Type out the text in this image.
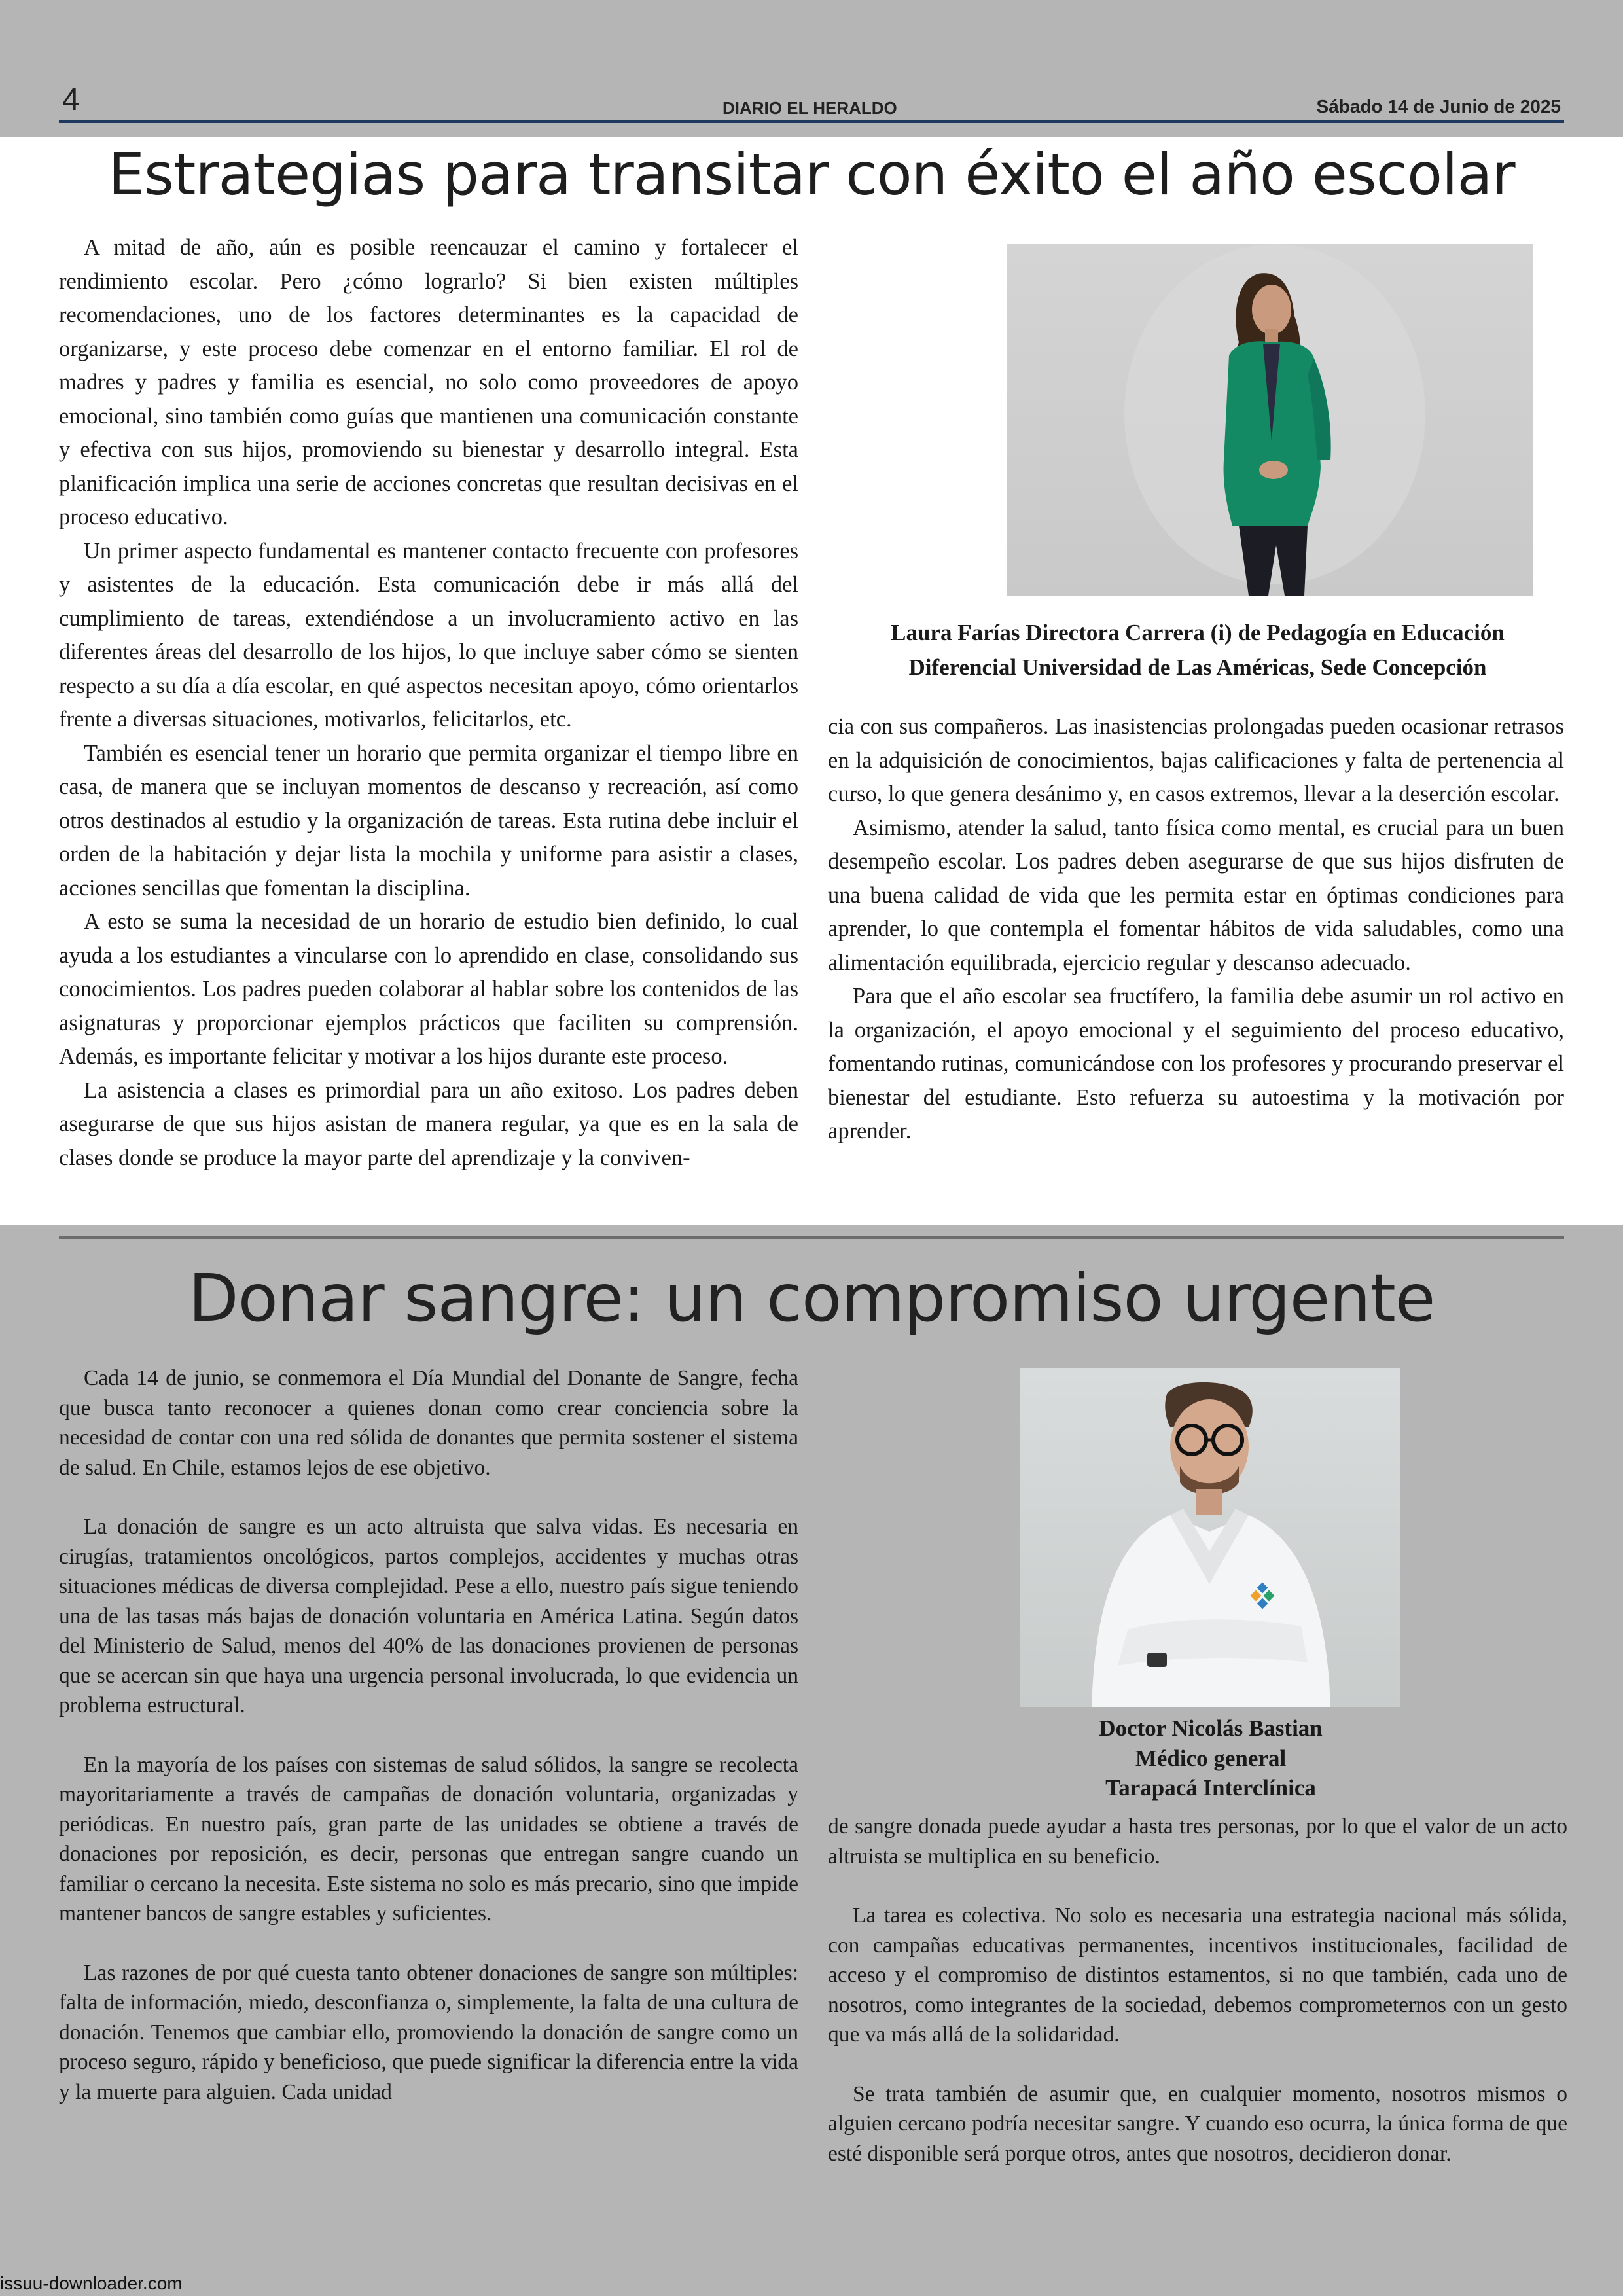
4	DIARIO EL HERALDO	Sábado 14 de Junio de 2025
Estrategias para transitar con éxito el año escolar

A mitad de año, aún es posible reencauzar el camino y fortalecer el rendimiento escolar. Pero ¿cómo lograrlo? Si bien existen múltiples recomendaciones, uno de los factores determinantes es la capacidad de organizarse, y este proceso debe comenzar en el entorno familiar. El rol de madres y padres y familia es esencial, no solo como proveedores de apoyo emocional, sino también como guías que mantienen una comunicación constante y efectiva con sus hijos, promoviendo su bienestar y desarrollo integral. Esta planificación implica una serie de acciones concretas que resultan decisivas en el proceso educativo.

Un primer aspecto fundamental es mantener contacto frecuente con profesores y asistentes de la educación. Esta comunicación debe ir más allá del cumplimiento de tareas, extendiéndose a un involucramiento activo en las diferentes áreas del desarrollo de los hijos, lo que incluye saber cómo se sienten respecto a su día a día escolar, en qué aspectos necesitan apoyo, cómo orientarlos frente a diversas situaciones, motivarlos, felicitarlos, etc.

También es esencial tener un horario que permita organizar el tiempo libre en casa, de manera que se incluyan momentos de descanso y recreación, así como otros destinados al estudio y la organización de tareas. Esta rutina debe incluir el orden de la habitación y dejar lista la mochila y uniforme para asistir a clases, acciones sencillas que fomentan la disciplina.

A esto se suma la necesidad de un horario de estudio bien definido, lo cual ayuda a los estudiantes a vincularse con lo aprendido en clase, consolidando sus conocimientos. Los padres pueden colaborar al hablar sobre los contenidos de las asignaturas y proporcionar ejemplos prácticos que faciliten su comprensión. Además, es importante felicitar y motivar a los hijos durante este proceso.

La asistencia a clases es primordial para un año exitoso. Los padres deben asegurarse de que sus hijos asistan de manera regular, ya que es en la sala de clases donde se produce la mayor parte del aprendizaje y la conviven-

Laura Farías Directora Carrera (i) de Pedagogía en Educación Diferencial Universidad de Las Américas, Sede Concepción

cia con sus compañeros. Las inasistencias prolongadas pueden ocasionar retrasos en la adquisición de conocimientos, bajas calificaciones y falta de pertenencia al curso, lo que genera desánimo y, en casos extremos, llevar a la deserción escolar.

Asimismo, atender la salud, tanto física como mental, es crucial para un buen desempeño escolar. Los padres deben asegurarse de que sus hijos disfruten de una buena calidad de vida que les permita estar en óptimas condiciones para aprender, lo que contempla el fomentar hábitos de vida saludables, como una alimentación equilibrada, ejercicio regular y descanso adecuado.

Para que el año escolar sea fructífero, la familia debe asumir un rol activo en la organización, el apoyo emocional y el seguimiento del proceso educativo, fomentando rutinas, comunicándose con los profesores y procurando preservar el bienestar del estudiante. Esto refuerza su autoestima y la motivación por aprender.

Donar sangre: un compromiso urgente

Cada 14 de junio, se conmemora el Día Mundial del Donante de Sangre, fecha que busca tanto reconocer a quienes donan como crear conciencia sobre la necesidad de contar con una red sólida de donantes que permita sostener el sistema de salud. En Chile, estamos lejos de ese objetivo.

La donación de sangre es un acto altruista que salva vidas. Es necesaria en cirugías, tratamientos oncológicos, partos complejos, accidentes y muchas otras situaciones médicas de diversa complejidad. Pese a ello, nuestro país sigue teniendo una de las tasas más bajas de donación voluntaria en América Latina. Según datos del Ministerio de Salud, menos del 40% de las donaciones provienen de personas que se acercan sin que haya una urgencia personal involucrada, lo que evidencia un problema estructural.

En la mayoría de los países con sistemas de salud sólidos, la sangre se recolecta mayoritariamente a través de campañas de donación voluntaria, organizadas y periódicas. En nuestro país, gran parte de las unidades se obtiene a través de donaciones por reposición, es decir, personas que entregan sangre cuando un familiar o cercano la necesita. Este sistema no solo es más precario, sino que impide mantener bancos de sangre estables y suficientes.

Las razones de por qué cuesta tanto obtener donaciones de sangre son múltiples: falta de información, miedo, desconfianza o, simplemente, la falta de una cultura de donación. Tenemos que cambiar ello, promoviendo la donación de sangre como un proceso seguro, rápido y beneficioso, que puede significar la diferencia entre la vida y la muerte para alguien. Cada unidad

Doctor Nicolás Bastian
Médico general
Tarapacá Interclínica

de sangre donada puede ayudar a hasta tres personas, por lo que el valor de un acto altruista se multiplica en su beneficio.

La tarea es colectiva. No solo es necesaria una estrategia nacional más sólida, con campañas educativas permanentes, incentivos institucionales, facilidad de acceso y el compromiso de distintos estamentos, si no que también, cada uno de nosotros, como integrantes de la sociedad, debemos comprometernos con un gesto que va más allá de la solidaridad.

Se trata también de asumir que, en cualquier momento, nosotros mismos o alguien cercano podría necesitar sangre. Y cuando eso ocurra, la única forma de que esté disponible será porque otros, antes que nosotros, decidieron donar.

issuu-downloader.com
